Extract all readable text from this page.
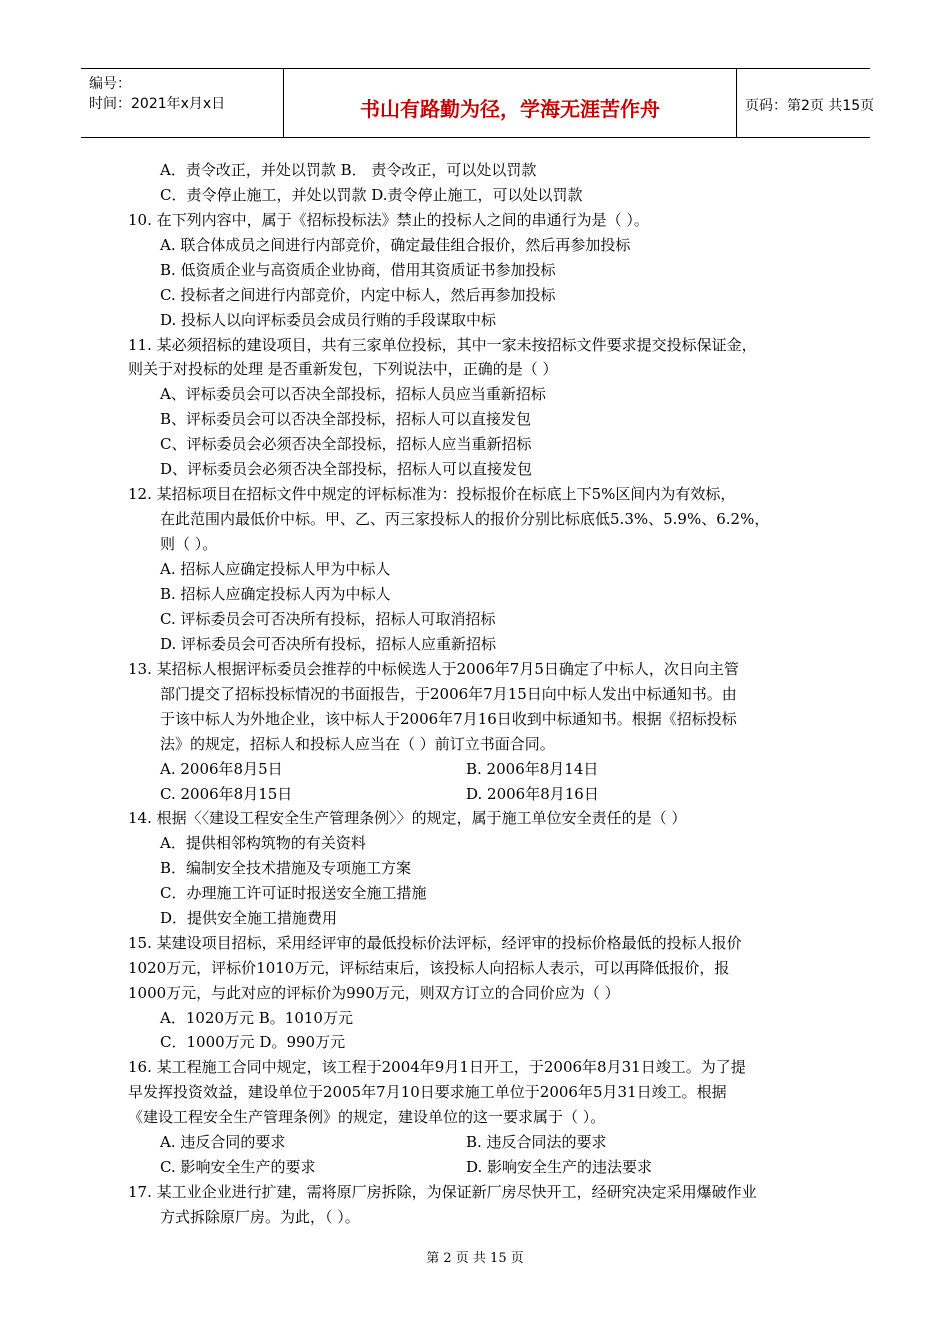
编号：
时间：2021年x月x日	书山有路勤为径，学海无涯苦作舟	页码：第2页 共15页
A．责令改正，并处以罚款 B． 责令改正，可以处以罚款
C．责令停止施工，并处以罚款 D.责令停止施工，可以处以罚款
10. 在下列内容中，属于《招标投标法》禁止的投标人之间的串通行为是（ ）。
A. 联合体成员之间进行内部竞价，确定最佳组合报价，然后再参加投标
B. 低资质企业与高资质企业协商，借用其资质证书参加投标
C. 投标者之间进行内部竞价，内定中标人，然后再参加投标
D. 投标人以向评标委员会成员行贿的手段谋取中标
11. 某必须招标的建设项目，共有三家单位投标，其中一家未按招标文件要求提交投标保证金，
则关于对投标的处理 是否重新发包，下列说法中，正确的是（ ）
A、评标委员会可以否决全部投标，招标人员应当重新招标
B、评标委员会可以否决全部投标，招标人可以直接发包
C、评标委员会必须否决全部投标，招标人应当重新招标
D、评标委员会必须否决全部投标，招标人可以直接发包
12. 某招标项目在招标文件中规定的评标标准为：投标报价在标底上下5%区间内为有效标，
在此范围内最低价中标。甲、乙、丙三家投标人的报价分别比标底低5.3%、5.9%、6.2%，
则（ ）。
A. 招标人应确定投标人甲为中标人
B. 招标人应确定投标人丙为中标人
C. 评标委员会可否决所有投标，招标人可取消招标
D. 评标委员会可否决所有投标，招标人应重新招标
13. 某招标人根据评标委员会推荐的中标候选人于2006年7月5日确定了中标人，次日向主管
部门提交了招标投标情况的书面报告，于2006年7月15日向中标人发出中标通知书。由
于该中标人为外地企业，该中标人于2006年7月16日收到中标通知书。根据《招标投标
法》的规定，招标人和投标人应当在（ ）前订立书面合同。
A. 2006年8月5日	B. 2006年8月14日
C. 2006年8月15日	D. 2006年8月16日
14. 根据〈〈建设工程安全生产管理条例〉〉的规定，属于施工单位安全责任的是（ ）
A．提供相邻构筑物的有关资料
B．编制安全技术措施及专项施工方案
C．办理施工许可证时报送安全施工措施
D．提供安全施工措施费用
15. 某建设项目招标，采用经评审的最低投标价法评标，经评审的投标价格最低的投标人报价
1020万元，评标价1010万元，评标结束后，该投标人向招标人表示，可以再降低报价，报
1000万元，与此对应的评标价为990万元，则双方订立的合同价应为（ ）
A．1020万元 B。1010万元
C．1000万元 D。990万元
16. 某工程施工合同中规定，该工程于2004年9月1日开工，于2006年8月31日竣工。为了提
早发挥投资效益，建设单位于2005年7月10日要求施工单位于2006年5月31日竣工。根据
《建设工程安全生产管理条例》的规定，建设单位的这一要求属于（ ）。
A. 违反合同的要求	B. 违反合同法的要求
C. 影响安全生产的要求	D. 影响安全生产的违法要求
17. 某工业企业进行扩建，需将原厂房拆除，为保证新厂房尽快开工，经研究决定采用爆破作业
方式拆除原厂房。为此，（ ）。
第 2 页 共 15 页
